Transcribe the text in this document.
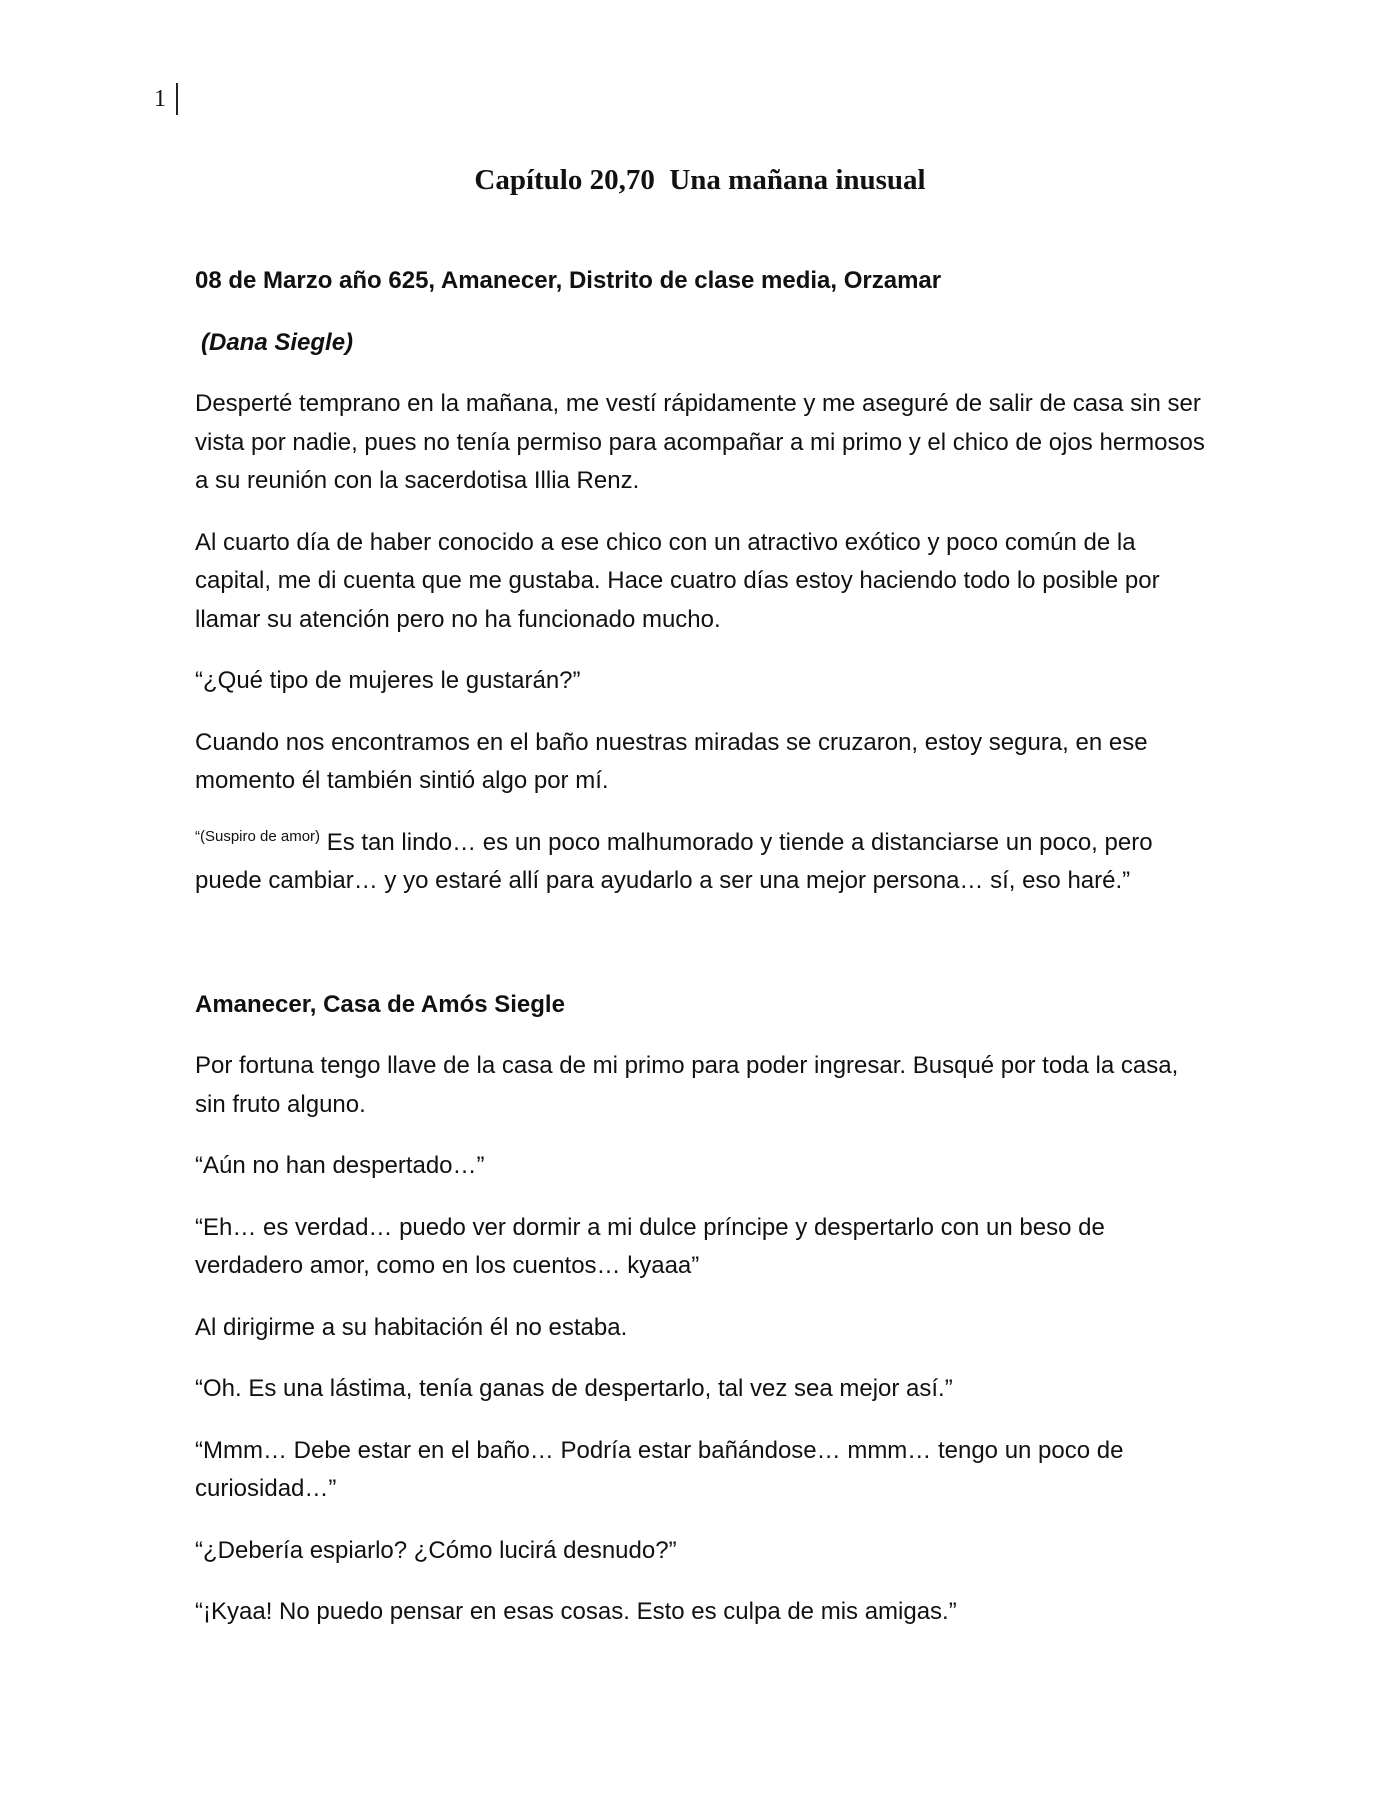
1
Capítulo 20,70  Una mañana inusual

08 de Marzo año 625, Amanecer, Distrito de clase media, Orzamar

(Dana Siegle)

Desperté temprano en la mañana, me vestí rápidamente y me aseguré de salir de casa sin ser vista por nadie, pues no tenía permiso para acompañar a mi primo y el chico de ojos hermosos a su reunión con la sacerdotisa Illia Renz.

Al cuarto día de haber conocido a ese chico con un atractivo exótico y poco común de la capital, me di cuenta que me gustaba. Hace cuatro días estoy haciendo todo lo posible por llamar su atención pero no ha funcionado mucho.

“¿Qué tipo de mujeres le gustarán?”

Cuando nos encontramos en el baño nuestras miradas se cruzaron, estoy segura, en ese momento él también sintió algo por mí.

$^{“(Suspiro de amor)}$ Es tan lindo… es un poco malhumorado y tiende a distanciarse un poco, pero puede cambiar… y yo estaré allí para ayudarlo a ser una mejor persona… sí, eso haré.”

Amanecer, Casa de Amós Siegle

Por fortuna tengo llave de la casa de mi primo para poder ingresar. Busqué por toda la casa, sin fruto alguno.

“Aún no han despertado…”

“Eh… es verdad… puedo ver dormir a mi dulce príncipe y despertarlo con un beso de verdadero amor, como en los cuentos… kyaaa”

Al dirigirme a su habitación él no estaba.

“Oh. Es una lástima, tenía ganas de despertarlo, tal vez sea mejor así.”

“Mmm… Debe estar en el baño… Podría estar bañándose… mmm… tengo un poco de curiosidad…”

“¿Debería espiarlo? ¿Cómo lucirá desnudo?”

“¡Kyaa! No puedo pensar en esas cosas. Esto es culpa de mis amigas.”
